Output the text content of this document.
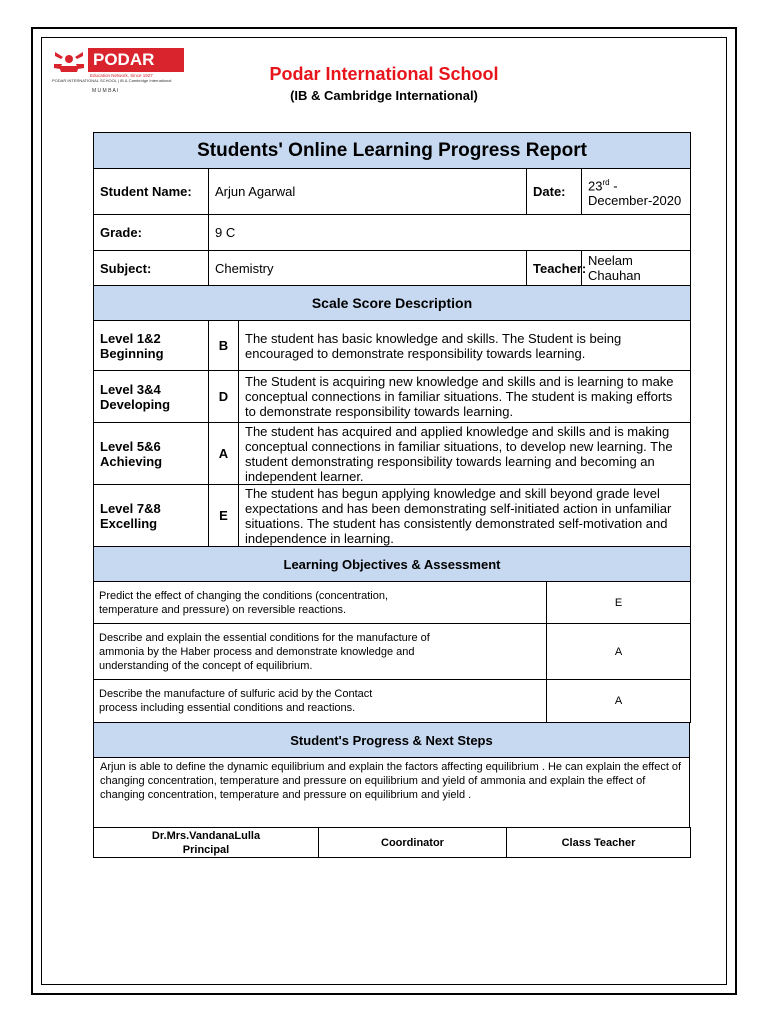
PODAR
Education Network, Since 1927
PODAR INTERNATIONAL SCHOOL | IB & Cambridge International
M U M B A I
Podar International School
(IB & Cambridge International)
Students' Online Learning Progress Report			
Student Name:	Arjun Agarwal	Date:	23rd - December-2020
Grade:	9 C		
Subject:	Chemistry	Teacher:	Neelam Chauhan
Scale Score Description		
Level 1&2
Beginning	B	The student has basic knowledge and skills. The Student is being encouraged to demonstrate responsibility towards learning.
Level 3&4
Developing	D	The Student is acquiring new knowledge and skills and is learning to make conceptual connections in familiar situations. The student is making efforts to demonstrate responsibility towards learning.
Level 5&6
Achieving	A	The student has acquired and applied knowledge and skills and is making conceptual connections in familiar situations, to develop new learning. The student demonstrating responsibility towards learning and becoming an independent learner.
Level 7&8
Excelling	E	The student has begun applying knowledge and skill beyond grade level expectations and has been demonstrating self-initiated action in unfamiliar situations. The student has consistently demonstrated self-motivation and independence in learning.
Learning Objectives & Assessment	
Predict the effect of changing the conditions (concentration, temperature and pressure) on reversible reactions.	E
Describe and explain the essential conditions for the manufacture of ammonia by the Haber process and demonstrate knowledge and understanding of the concept of equilibrium.	A
Describe the manufacture of sulfuric acid by the Contact process including essential conditions and reactions.	A
Student's Progress & Next Steps
Arjun is able to define the dynamic equilibrium and explain the factors affecting equilibrium . He can explain the effect of changing concentration, temperature and pressure on equilibrium and yield of ammonia and explain the effect of changing concentration, temperature and pressure on equilibrium and yield .
Dr.Mrs.VandanaLulla
Principal	Coordinator	Class Teacher
